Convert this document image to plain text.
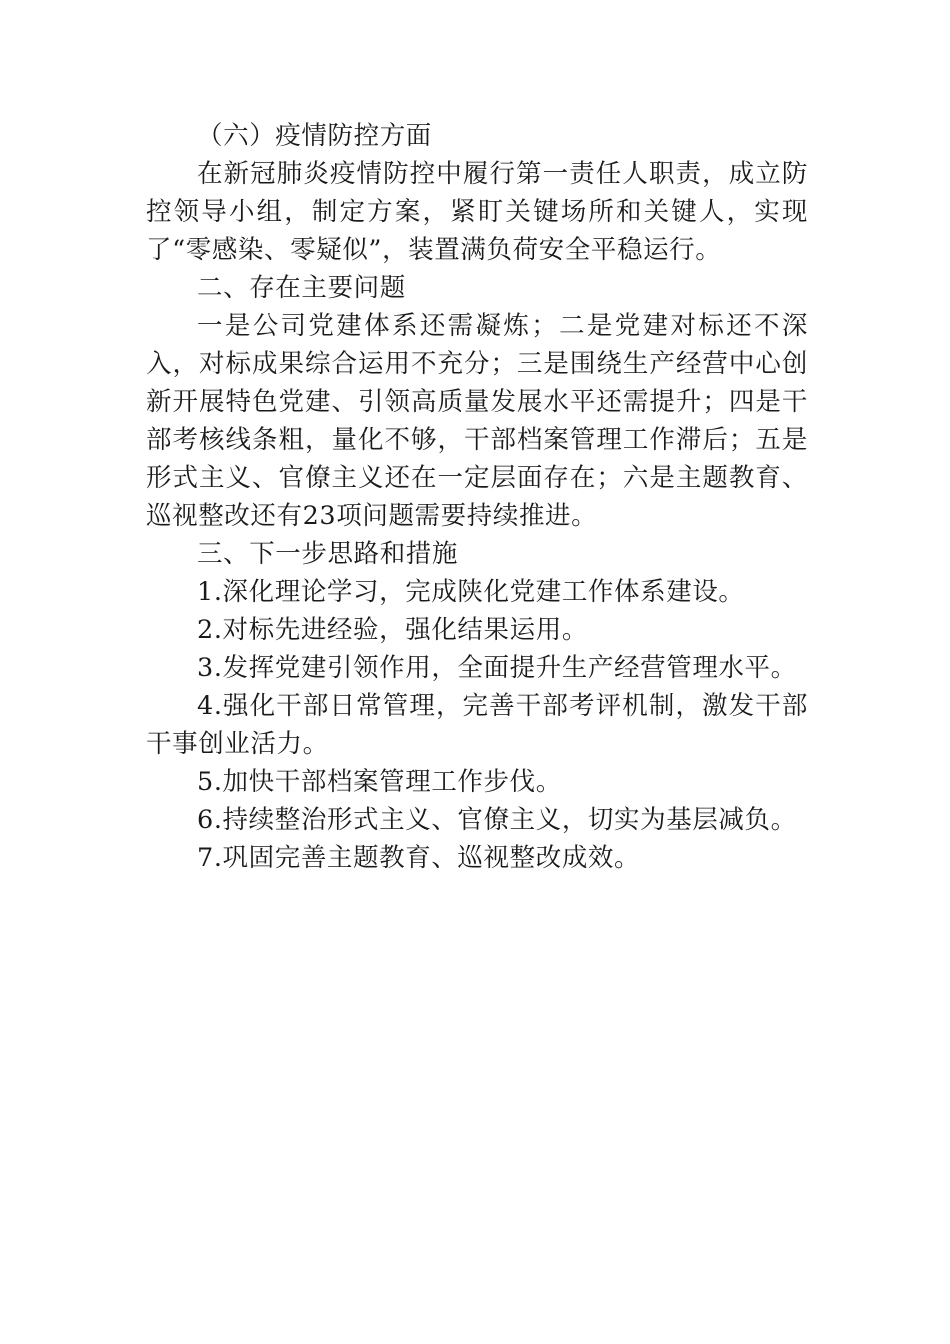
（六）疫情防控方面

在新冠肺炎疫情防控中履行第一责任人职责，成立防控领导小组，制定方案，紧盯关键场所和关键人，实现了“零感染、零疑似”，装置满负荷安全平稳运行。

二、存在主要问题

一是公司党建体系还需凝炼；二是党建对标还不深入，对标成果综合运用不充分；三是围绕生产经营中心创新开展特色党建、引领高质量发展水平还需提升；四是干部考核线条粗，量化不够，干部档案管理工作滞后；五是形式主义、官僚主义还在一定层面存在；六是主题教育、巡视整改还有23项问题需要持续推进。

三、下一步思路和措施

1.深化理论学习，完成陕化党建工作体系建设。

2.对标先进经验，强化结果运用。

3.发挥党建引领作用，全面提升生产经营管理水平。

4.强化干部日常管理，完善干部考评机制，激发干部干事创业活力。

5.加快干部档案管理工作步伐。

6.持续整治形式主义、官僚主义，切实为基层减负。

7.巩固完善主题教育、巡视整改成效。
